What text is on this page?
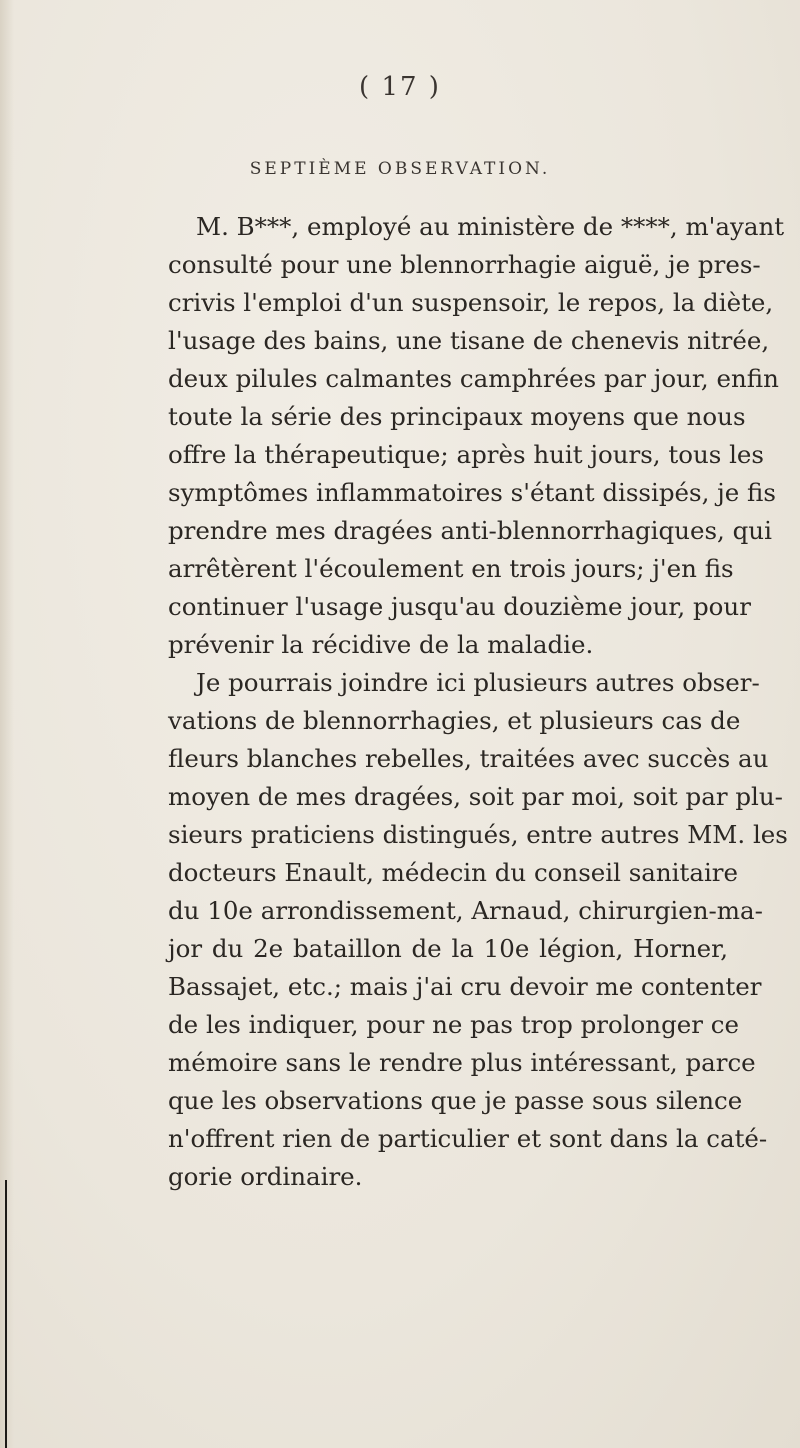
( 17 )
SEPTIÈME OBSERVATION.
M. B***, employé au ministère de ****, m'ayant
consulté pour une blennorrhagie aiguë, je pres-
crivis l'emploi d'un suspensoir, le repos, la diète,
l'usage des bains, une tisane de chenevis nitrée,
deux pilules calmantes camphrées par jour, enfin
toute la série des principaux moyens que nous
offre la thérapeutique; après huit jours, tous les
symptômes inflammatoires s'étant dissipés, je fis
prendre mes dragées anti-blennorrhagiques, qui
arrêtèrent l'écoulement en trois jours; j'en fis
continuer l'usage jusqu'au douzième jour, pour
prévenir la récidive de la maladie.
Je pourrais joindre ici plusieurs autres obser-
vations de blennorrhagies, et plusieurs cas de
fleurs blanches rebelles, traitées avec succès au
moyen de mes dragées, soit par moi, soit par plu-
sieurs praticiens distingués, entre autres MM. les
docteurs Enault, médecin du conseil sanitaire
du 10e arrondissement, Arnaud, chirurgien-ma-
jor du 2e bataillon de la 10e légion, Horner,
Bassajet, etc.; mais j'ai cru devoir me contenter
de les indiquer, pour ne pas trop prolonger ce
mémoire sans le rendre plus intéressant, parce
que les observations que je passe sous silence
n'offrent rien de particulier et sont dans la caté-
gorie ordinaire.
